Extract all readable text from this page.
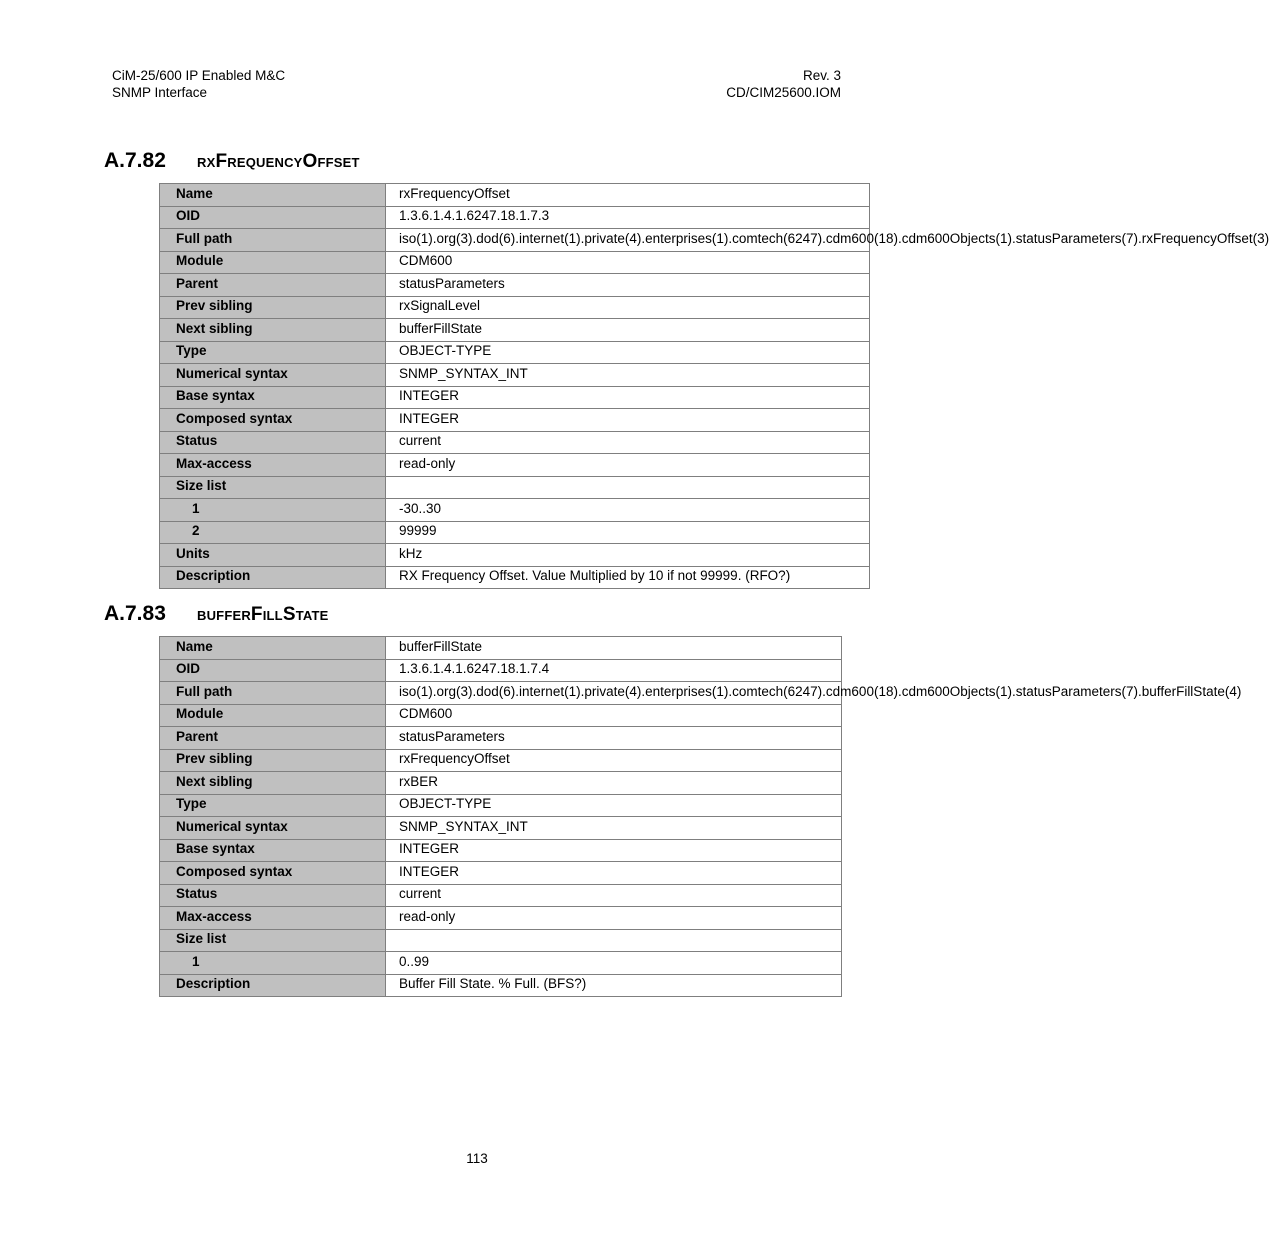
CiM-25/600 IP Enabled M&C
SNMP Interface
Rev. 3
CD/CIM25600.IOM
A.7.82 rxFrequencyOffset
Name	rxFrequencyOffset
OID	1.3.6.1.4.1.6247.18.1.7.3
Full path	iso(1).org(3).dod(6).internet(1).private(4).enterprises(1).comtech(6247).cdm600(18).cdm600Objects(1).statusParameters(7).rxFrequencyOffset(3)
Module	CDM600
Parent	statusParameters
Prev sibling	rxSignalLevel
Next sibling	bufferFillState
Type	OBJECT-TYPE
Numerical syntax	SNMP_SYNTAX_INT
Base syntax	INTEGER
Composed syntax	INTEGER
Status	current
Max-access	read-only
Size list	
1	-30..30
2	99999
Units	kHz
Description	RX Frequency Offset. Value Multiplied by 10 if not 99999. (RFO?)
A.7.83 bufferFillState
Name	bufferFillState
OID	1.3.6.1.4.1.6247.18.1.7.4
Full path	iso(1).org(3).dod(6).internet(1).private(4).enterprises(1).comtech(6247).cdm600(18).cdm600Objects(1).statusParameters(7).bufferFillState(4)
Module	CDM600
Parent	statusParameters
Prev sibling	rxFrequencyOffset
Next sibling	rxBER
Type	OBJECT-TYPE
Numerical syntax	SNMP_SYNTAX_INT
Base syntax	INTEGER
Composed syntax	INTEGER
Status	current
Max-access	read-only
Size list	
1	0..99
Description	Buffer Fill State. % Full. (BFS?)
113
